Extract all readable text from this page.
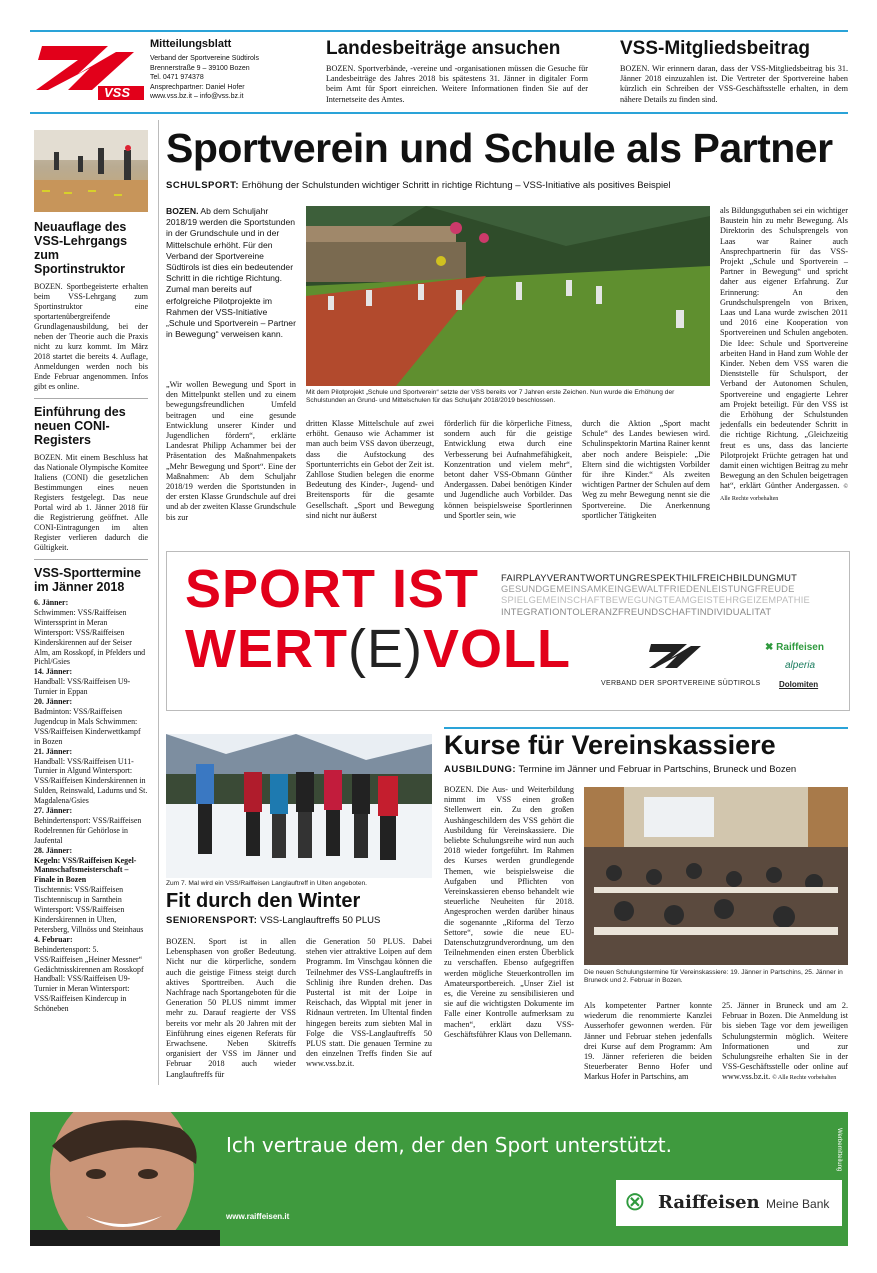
VSS
Mitteilungsblatt
Verband der Sportvereine Südtirols
Brennerstraße 9 – 39100 Bozen
Tel. 0471 974378
Ansprechpartner: Daniel Hofer
www.vss.bz.it – info@vss.bz.it
Landesbeiträge ansuchen
BOZEN. Sportverbände, -vereine und -organisationen müssen die Gesuche für Landesbeiträge des Jahres 2018 bis spätestens 31. Jänner in digitaler Form beim Amt für Sport einreichen. Weitere Informationen finden Sie auf der Internetseite des Amtes.
VSS-Mitgliedsbeitrag
BOZEN. Wir erinnern daran, dass der VSS-Mitgliedsbeitrag bis 31. Jänner 2018 einzuzahlen ist. Die Vertreter der Sportvereine haben kürzlich ein Schreiben der VSS-Geschäftsstelle erhalten, in dem nähere Details zu finden sind.
Neuauflage des VSS-Lehrgangs zum Sportinstruktor
BOZEN. Sportbegeisterte erhalten beim VSS-Lehrgang zum Sportinstruktor eine sportartenübergreifende Grundlagenausbildung, bei der neben der Theorie auch die Praxis nicht zu kurz kommt. Im März 2018 startet die bereits 4. Auflage, Anmeldungen werden noch bis Ende Februar angenommen. Infos gibt es online.
Einführung des neuen CONI-Registers
BOZEN. Mit einem Beschluss hat das Nationale Olympische Komitee Italiens (CONI) die gesetzlichen Bestimmungen eines neuen Registers festgelegt. Das neue Portal wird ab 1. Jänner 2018 für die Registrierung geöffnet. Alle CONI-Eintragungen im alten Register verlieren dadurch die Gültigkeit.
VSS-Sporttermine im Jänner 2018
6. Jänner:
Schwimmen: VSS/Raiffeisen Winterssprint in Meran Wintersport: VSS/Raiffeisen Kinderskirennen auf der Seiser Alm, am Rosskopf, in Pfelders und Pichl/Gsies
14. Jänner:
Handball: VSS/Raiffeisen U9-Turnier in Eppan
20. Jänner:
Badminton: VSS/Raiffeisen Jugendcup in Mals Schwimmen: VSS/Raiffeisen Kinderwettkampf in Bozen
21. Jänner:
Handball: VSS/Raiffeisen U11-Turnier in Algund Wintersport: VSS/Raiffeisen Kinderskirennen in Sulden, Reinswald, Ladurns und St. Magdalena/Gsies
27. Jänner:
Behindertensport: VSS/Raiffeisen Rodelrennen für Gehörlose in Jaufental
28. Jänner:
Kegeln: VSS/Raiffeisen Kegel-Mannschaftsmeisterschaft – Finale in Bozen
Tischtennis: VSS/Raiffeisen Tischtenniscup in Sarnthein Wintersport: VSS/Raiffeisen Kinderskirennen in Ulten, Petersberg, Villnöss und Steinhaus
4. Februar:
Behindertensport: 5. VSS/Raiffeisen „Heiner Messner“ Gedächtnisskirennen am Rosskopf Handball: VSS/Raiffeisen U9-Turnier in Meran Wintersport: VSS/Raiffeisen Kindercup in Schöneben
Sportverein und Schule als Partner
SCHULSPORT: Erhöhung der Schulstunden wichtiger Schritt in richtige Richtung – VSS-Initiative als positives Beispiel
BOZEN. Ab dem Schuljahr 2018/19 werden die Sportstunden in der Grundschule und in der Mittelschule erhöht. Für den Verband der Sportvereine Südtirols ist dies ein bedeutender Schritt in die richtige Richtung. Zumal man bereits auf erfolgreiche Pilotprojekte im Rahmen der VSS-Initiative „Schule und Sportverein – Partner in Bewegung“ verweisen kann.
Mit dem Pilotprojekt „Schule und Sportverein“ setzte der VSS bereits vor 7 Jahren erste Zeichen. Nun wurde die Erhöhung der Schulstunden an Grund- und Mittelschulen für das Schuljahr 2018/2019 beschlossen.
„Wir wollen Bewegung und Sport in den Mittelpunkt stellen und zu einem bewegungsfreundlichen Umfeld beitragen und eine gesunde Entwicklung unserer Kinder und Jugendlichen fördern“, erklärte Landesrat Philipp Achammer bei der Präsentation des Maßnahmenpakets „Mehr Bewegung und Sport“. Eine der Maßnahmen: Ab dem Schuljahr 2018/19 werden die Sportstunden in der ersten Klasse Grundschule auf drei und ab der zweiten Klasse Grundschule bis zur
dritten Klasse Mittelschule auf zwei erhöht. Genauso wie Achammer ist man auch beim VSS davon überzeugt, dass die Aufstockung des Sportunterrichts ein Gebot der Zeit ist. Zahllose Studien belegen die enorme Bedeutung des Kinder-, Jugend- und Breitensports für die gesamte Gesellschaft. „Sport und Bewegung sind nicht nur äußerst
förderlich für die körperliche Fitness, sondern auch für die geistige Entwicklung etwa durch eine Verbesserung bei Aufnahmefähigkeit, Konzentration und vielem mehr“, betont daher VSS-Obmann Günther Andergassen. Dabei benötigen Kinder und Jugendliche auch Vorbilder. Das können beispielsweise Sportlerinnen und Sportler sein, wie
durch die Aktion „Sport macht Schule“ des Landes bewiesen wird. Schulinspektorin Martina Rainer kennt aber noch andere Beispiele: „Die Eltern sind die wichtigsten Vorbilder für ihre Kinder.“ Als zweiten wichtigen Partner der Schulen auf dem Weg zu mehr Bewegung nennt sie die Sportvereine. Die Anerkennung sportlicher Tätigkeiten
als Bildungsguthaben sei ein wichtiger Baustein hin zu mehr Bewegung. Als Direktorin des Schulsprengels von Laas war Rainer auch Ansprechpartnerin für das VSS-Projekt „Schule und Sportverein – Partner in Bewegung“ und spricht daher aus eigener Erfahrung. Zur Erinnerung: An den Grundschulsprengeln von Brixen, Laas und Lana wurde zwischen 2011 und 2016 eine Kooperation von Sportvereinen und Schulen angeboten. Die Idee: Schule und Sportvereine arbeiten Hand in Hand zum Wohle der Kinder. Neben dem VSS waren die Dienststelle für Schulsport, der Verband der Autonomen Schulen, Sportvereine und engagierte Lehrer am Projekt beteiligt. Für den VSS ist die Erhöhung der Schulstunden jedenfalls ein bedeutender Schritt in die richtige Richtung. „Gleichzeitig freut es uns, dass das lancierte Pilotprojekt Früchte getragen hat und damit einen wichtigen Beitrag zu mehr Bewegung an den Schulen beigetragen hat“, erklärt Günther Andergassen. © Alle Rechte vorbehalten
SPORT IST
WERT(E)VOLL
FAIRPLAYVERANTWORTUNGRESPEKTHILFREICHBILDUNGMUT
GESUNDGEMEINSAMKEINGEWALTFRIEDENLEISTUNGFREUDE
SPIELGEMEINSCHAFTBEWEGUNGTEAMGEISTEHRGEIZEMPATHIE
INTEGRATIONTOLERANZFREUNDSCHAFTINDIVIDUALITAT
VERBAND DER SPORTVEREINE SÜDTIROLS
✖ Raiffeisen
alperia
Dolomiten
Zum 7. Mal wird ein VSS/Raiffeisen Langlauftreff in Ulten angeboten.
Fit durch den Winter
SENIORENSPORT: VSS-Langlauftreffs 50 PLUS
BOZEN. Sport ist in allen Lebensphasen von großer Bedeutung. Nicht nur die körperliche, sondern auch die geistige Fitness steigt durch aktives Sporttreiben. Auch die Nachfrage nach Sportangeboten für die Generation 50 PLUS nimmt immer mehr zu. Darauf reagierte der VSS bereits vor mehr als 20 Jahren mit der Einführung eines eigenen Referats für Erwachsene. Neben Skitreffs organisiert der VSS im Jänner und Februar 2018 auch wieder Langlauftreffs für
die Generation 50 PLUS. Dabei stehen vier attraktive Loipen auf dem Programm. Im Vinschgau können die Teilnehmer des VSS-Langlauftreffs in Schlinig ihre Runden drehen. Das Pustertal ist mit der Loipe in Reischach, das Wipptal mit jener in Ridnaun vertreten. Im Ultental finden hingegen bereits zum siebten Mal in Folge die VSS-Langlauftreffs 50 PLUS statt. Die genauen Termine zu den einzelnen Treffs finden Sie auf www.vss.bz.it.
Kurse für Vereinskassiere
AUSBILDUNG: Termine im Jänner und Februar in Partschins, Bruneck und Bozen
BOZEN. Die Aus- und Weiterbildung nimmt im VSS einen großen Stellenwert ein. Zu den großen Aushängeschildern des VSS gehört die Ausbildung für Vereinskassiere. Die beliebte Schulungsreihe wird nun auch 2018 wieder fortgeführt. Im Rahmen des Kurses werden grundlegende Themen, wie beispielsweise die Aufgaben und Pflichten von Vereinskassieren ebenso behandelt wie steuerliche Neuheiten für 2018. Angesprochen werden darüber hinaus die sogenannte „Riforma del Terzo Settore“, sowie die neue EU-Datenschutzgrundverordnung, um den Teilnehmenden einen ersten Überblick zu verschaffen. Ebenso aufgegriffen werden mögliche Steuerkontrollen im Amateursportbereich. „Unser Ziel ist es, die Vereine zu sensibilisieren und sie auf die wichtigsten Dokumente im Falle einer Kontrolle aufmerksam zu machen“, erklärt dazu VSS-Geschäftsführer Klaus von Dellemann.
Die neuen Schulungstermine für Vereinskassiere: 19. Jänner in Partschins, 25. Jänner in Bruneck und 2. Februar in Bozen.
Als kompetenter Partner konnte wiederum die renommierte Kanzlei Ausserhofer gewonnen werden. Für Jänner und Februar stehen jedenfalls drei Kurse auf dem Programm: Am 19. Jänner referieren die beiden Steuerberater Benno Hofer und Markus Hofer in Partschins, am
25. Jänner in Bruneck und am 2. Februar in Bozen. Die Anmeldung ist bis sieben Tage vor dem jeweiligen Schulungstermin möglich. Weitere Informationen und zur Schulungsreihe erhalten Sie in der VSS-Geschäftsstelle oder online auf www.vss.bz.it. © Alle Rechte vorbehalten
Ich vertraue dem, der den Sport unterstützt.
www.raiffeisen.it
Werbemitteilung
⊗ Raiffeisen Meine Bank
